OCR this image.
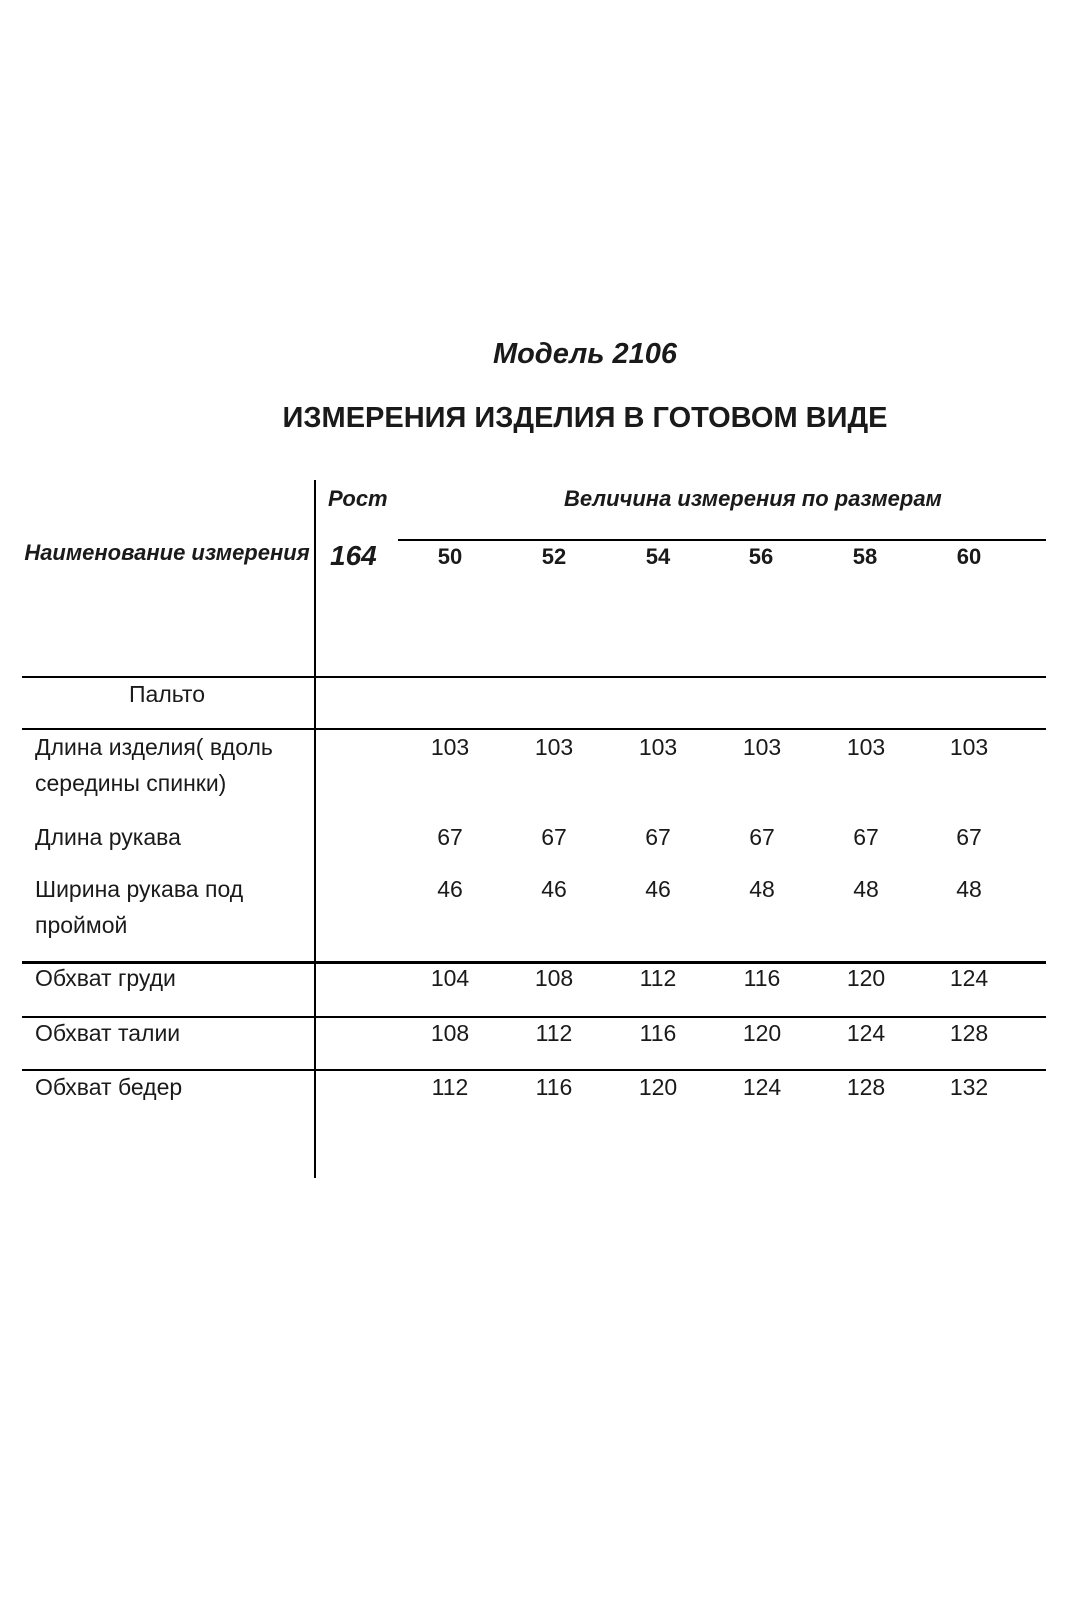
Модель 2106
ИЗМЕРЕНИЯ ИЗДЕЛИЯ В ГОТОВОМ ВИДЕ
Наименование измерения
Рост
164
Величина измерения по размерам
50	52	54	56	58	60
Пальто
Длина изделия( вдоль середины спинки)
103	103	103	103	103	103
Длина рукава	67	67	67	67	67	67
Ширина рукава под проймой
46	46	46	48	48	48
Обхват груди	104	108	112	116	120	124
Обхват талии	108	112	116	120	124	128
Обхват бедер	112	116	120	124	128	132
